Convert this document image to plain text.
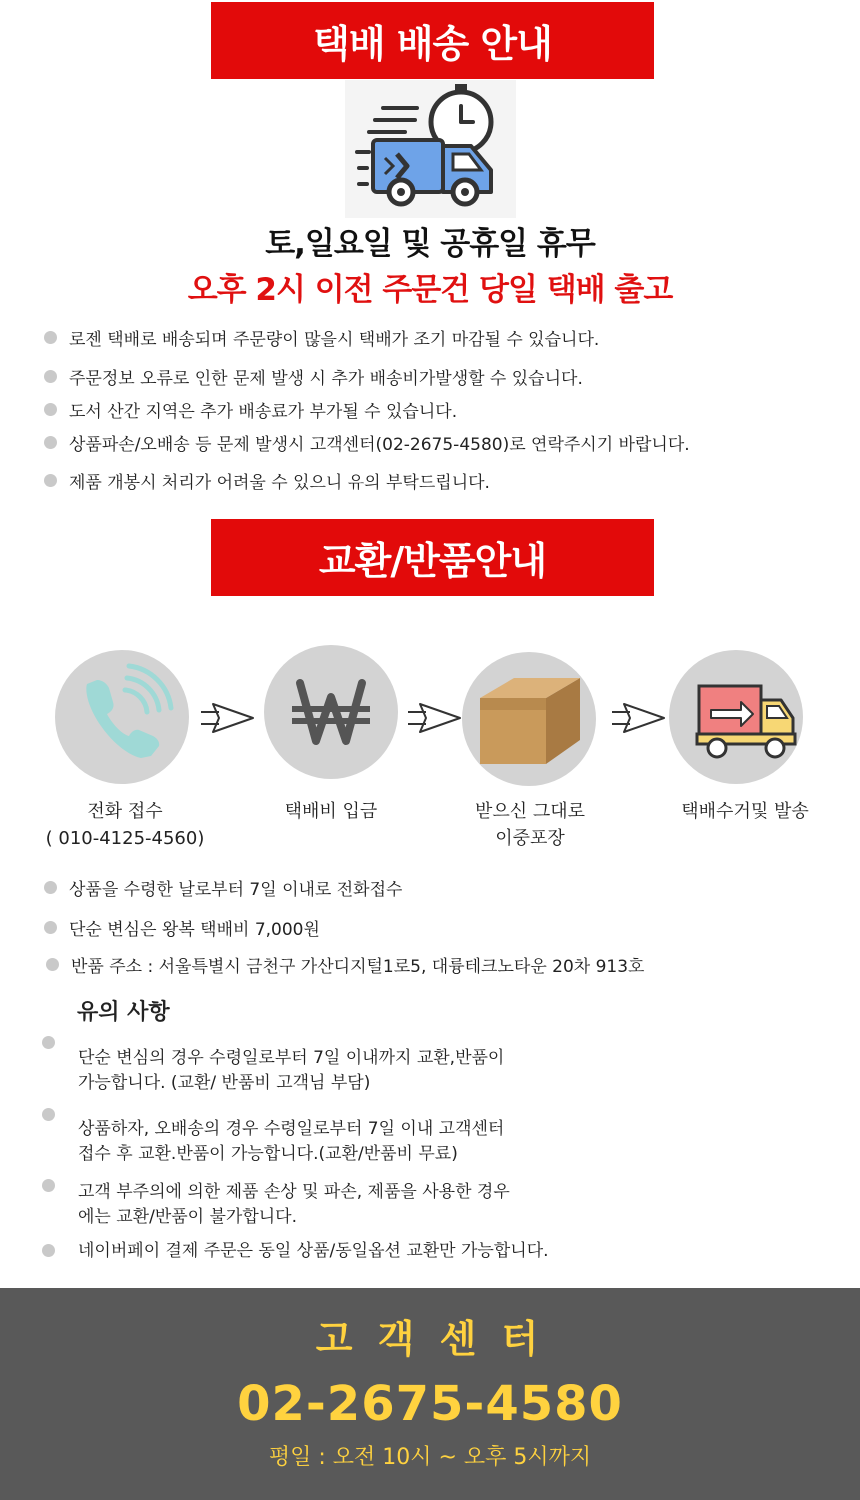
택배 배송 안내
토,일요일 및 공휴일 휴무
오후 2시 이전 주문건 당일 택배 출고
로젠 택배로 배송되며 주문량이 많을시 택배가 조기 마감될 수 있습니다.
주문정보 오류로 인한 문제 발생 시 추가 배송비가발생할 수 있습니다.
도서 산간 지역은 추가 배송료가 부가될 수 있습니다.
상품파손/오배송 등 문제 발생시 고객센터(02-2675-4580)로 연락주시기 바랍니다.
제품 개봉시 처리가 어려울 수 있으니 유의 부탁드립니다.
교환/반품안내
전화 접수
( 010-4125-4560)
택배비 입금	받으신 그대로
이중포장
택배수거및 발송
상품을 수령한 날로부터 7일 이내로 전화접수
단순 변심은 왕복 택배비 7,000원
반품 주소 : 서울특별시 금천구 가산디지털1로5, 대륭테크노타운 20차 913호
유의 사항
단순 변심의 경우 수령일로부터 7일 이내까지 교환,반품이
가능합니다. (교환/ 반품비 고객님 부담)
상품하자, 오배송의 경우 수령일로부터 7일 이내 고객센터
접수 후 교환.반품이 가능합니다.(교환/반품비 무료)
고객 부주의에 의한 제품 손상 및 파손, 제품을 사용한 경우
에는 교환/반품이 불가합니다.
네이버페이 결제 주문은 동일 상품/동일옵션 교환만 가능합니다.
고 객 센 터
02-2675-4580
평일 : 오전 10시 ~ 오후 5시까지
